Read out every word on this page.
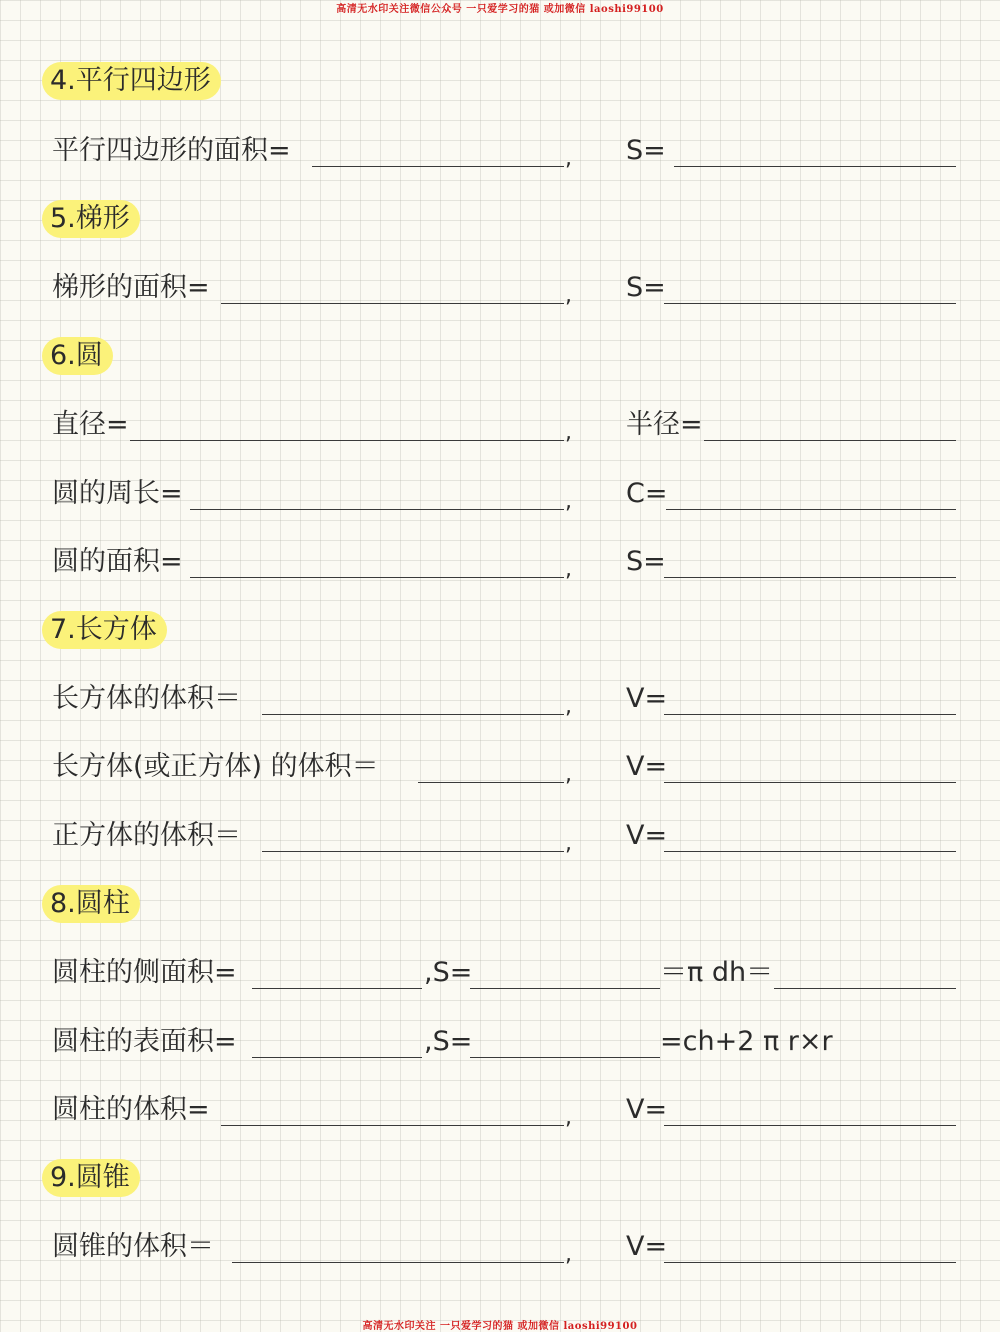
高清无水印关注微信公众号 一只爱学习的猫 或加微信 laoshi99100
4.平行四边形
平行四边形的面积=	, S=
5.梯形
梯形的面积=	, S=
6.圆
直径=	, 半径=
圆的周长=	, C=
圆的面积=	, S=
7.长方体
长方体的体积＝	, V=
长方体(或正方体) 的体积＝	, V=
正方体的体积＝	, V=
8.圆柱
圆柱的侧面积=	,S=	＝π dh＝
圆柱的表面积=	,S=	=ch+2 π r×r
圆柱的体积=	, V=
9.圆锥
圆锥的体积＝	, V=
高清无水印关注 一只爱学习的猫 或加微信 laoshi99100
